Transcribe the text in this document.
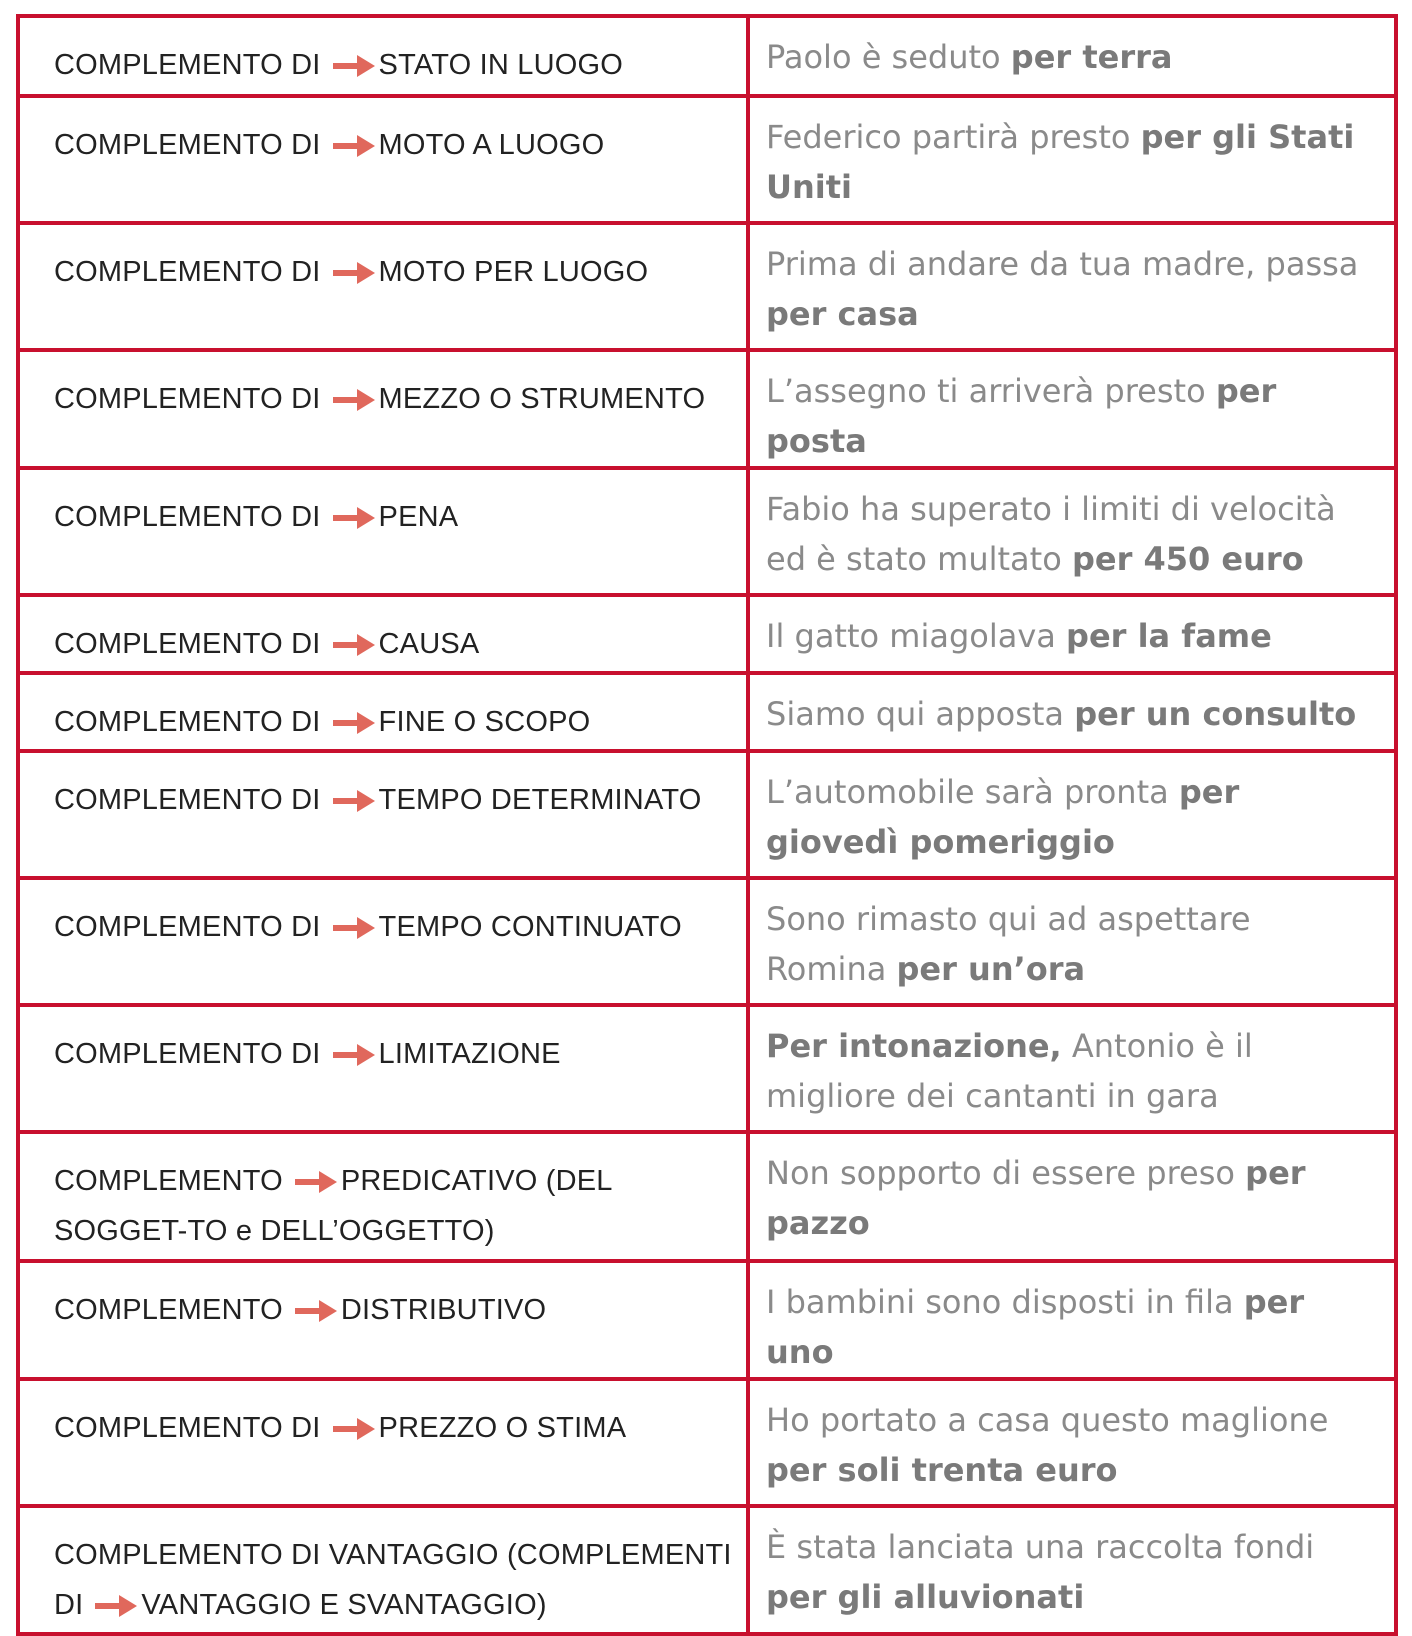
COMPLEMENTO DI STATO IN LUOGO	Paolo è seduto per terra
COMPLEMENTO DI MOTO A LUOGO	Federico partirà presto per gli Stati Uniti
COMPLEMENTO DI MOTO PER LUOGO	Prima di andare da tua madre, passa per casa
COMPLEMENTO DI MEZZO O STRUMENTO	L’assegno ti arriverà presto per posta
COMPLEMENTO DI PENA	Fabio ha superato i limiti di velocità ed è stato multato per 450 euro
COMPLEMENTO DI CAUSA	Il gatto miagolava per la fame
COMPLEMENTO DI FINE O SCOPO	Siamo qui apposta per un consulto
COMPLEMENTO DI TEMPO DETERMINATO	L’automobile sarà pronta per giovedì pomeriggio
COMPLEMENTO DI TEMPO CONTINUATO	Sono rimasto qui ad aspettare Romina per un’ora
COMPLEMENTO DI LIMITAZIONE	Per intonazione, Antonio è il migliore dei cantanti in gara
COMPLEMENTO PREDICATIVO (DEL SOGGET-TO e DELL’OGGETTO)	Non sopporto di essere preso per pazzo
COMPLEMENTO DISTRIBUTIVO	I bambini sono disposti in fila per uno
COMPLEMENTO DI PREZZO O STIMA	Ho portato a casa questo maglione per soli trenta euro
COMPLEMENTO DI VANTAGGIO (COMPLEMENTI DI VANTAGGIO E SVANTAGGIO)	È stata lanciata una raccolta fondi per gli alluvionati
